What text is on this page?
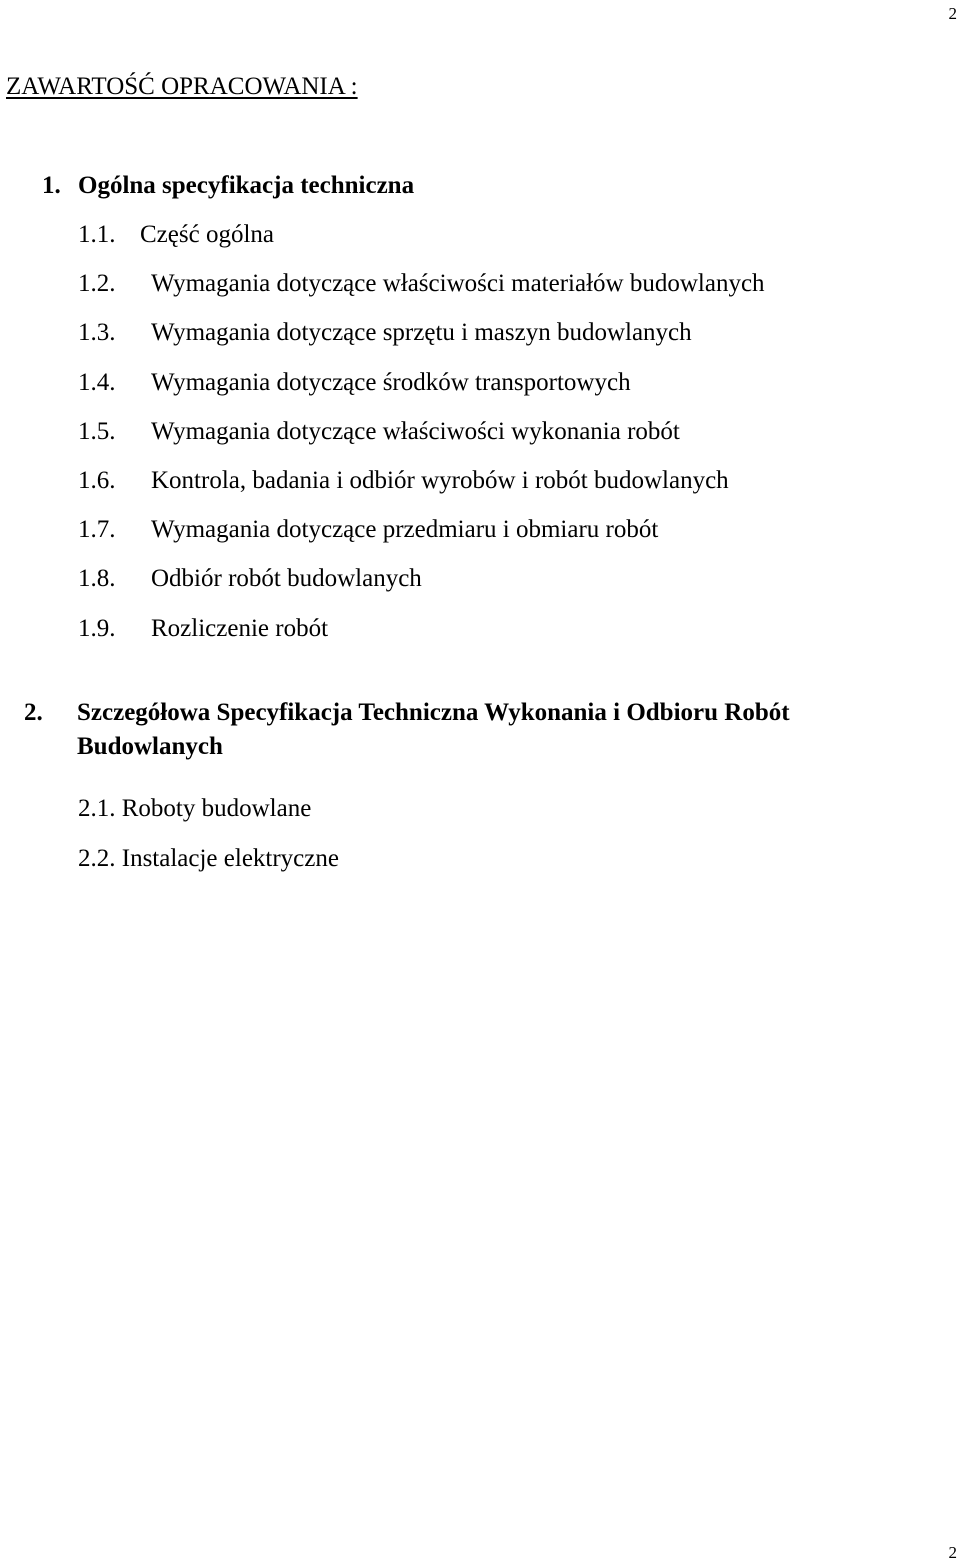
2
ZAWARTOŚĆ OPRACOWANIA :
1. Ogólna specyfikacja techniczna
1.1. Część ogólna
1.2. Wymagania dotyczące właściwości materiałów budowlanych
1.3. Wymagania dotyczące sprzętu i maszyn budowlanych
1.4. Wymagania dotyczące środków transportowych
1.5. Wymagania dotyczące właściwości wykonania robót
1.6. Kontrola, badania i odbiór wyrobów i robót budowlanych
1.7. Wymagania dotyczące przedmiaru i obmiaru robót
1.8. Odbiór robót budowlanych
1.9. Rozliczenie robót
2. Szczegółowa Specyfikacja Techniczna Wykonania i Odbioru Robót Budowlanych
2.1. Roboty budowlane
2.2. Instalacje elektryczne
2
